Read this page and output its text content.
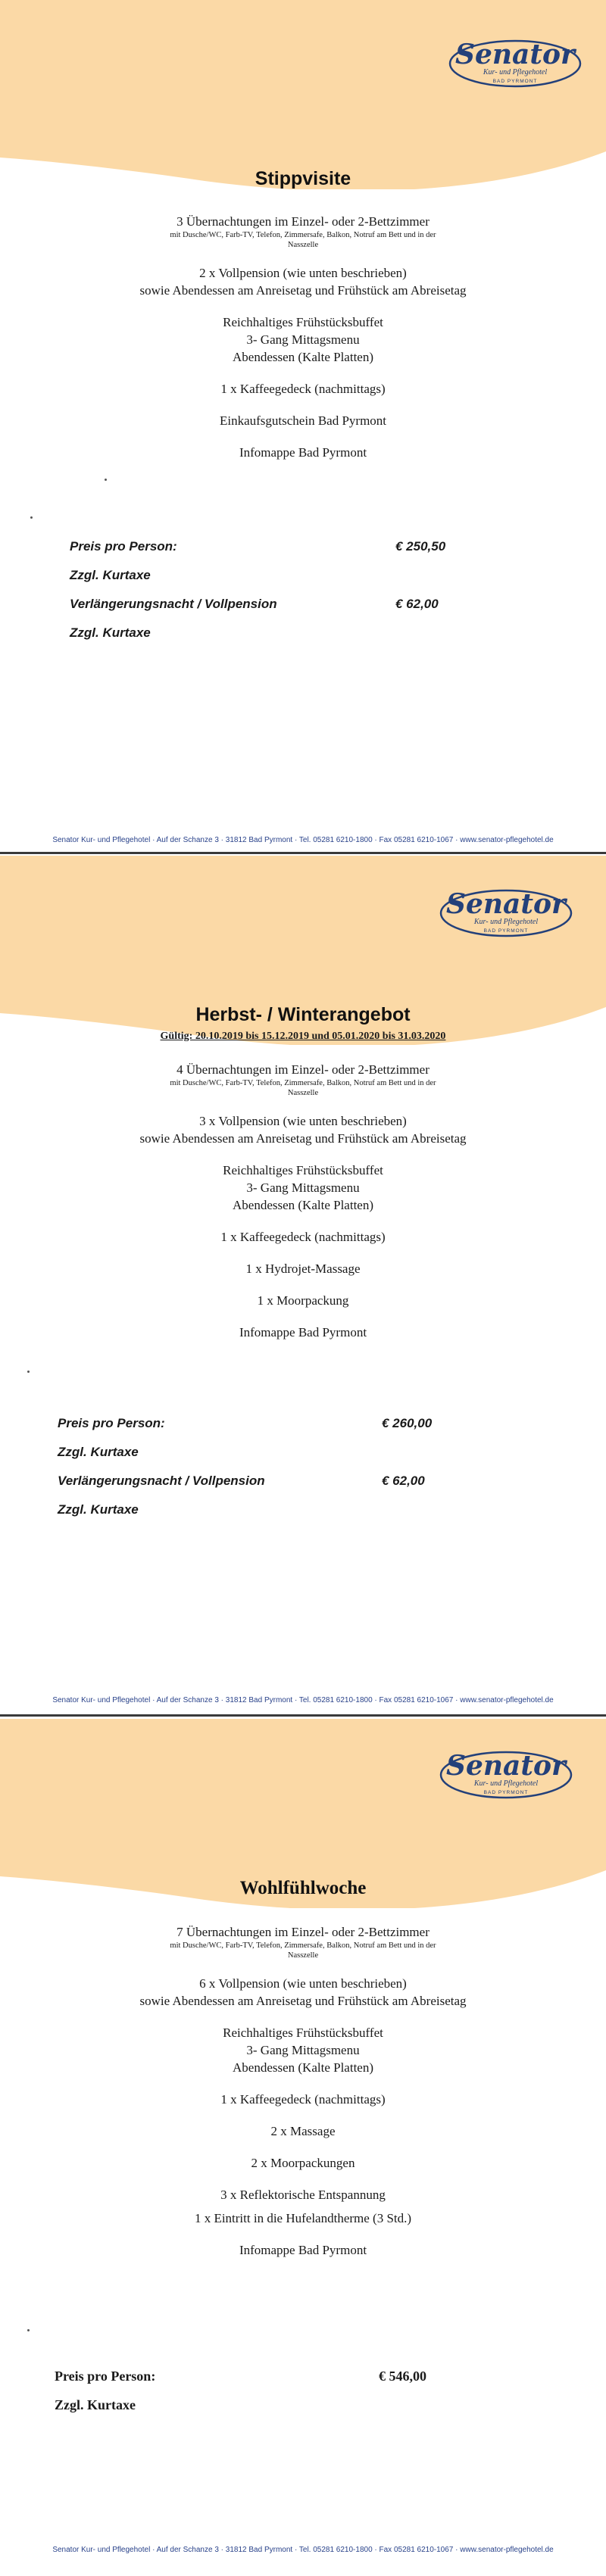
Senator
Kur- und Pflegehotel
BAD PYRMONT
Stippvisite
3 Übernachtungen im Einzel- oder 2-Bettzimmer
mit Dusche/WC, Farb-TV, Telefon, Zimmersafe, Balkon, Notruf am Bett und in der Nasszelle
2 x Vollpension (wie unten beschrieben)
sowie Abendessen am Anreisetag und Frühstück am Abreisetag
Reichhaltiges Frühstücksbuffet
3- Gang Mittagsmenu
Abendessen (Kalte Platten)
1 x Kaffeegedeck (nachmittags)
Einkaufsgutschein Bad Pyrmont
Infomappe Bad Pyrmont
Preis pro Person:	€ 250,50
Zzgl. Kurtaxe
Verlängerungsnacht / Vollpension	€ 62,00
Zzgl. Kurtaxe
Senator Kur- und Pflegehotel · Auf der Schanze 3 · 31812 Bad Pyrmont · Tel. 05281 6210-1800 · Fax 05281 6210-1067 · www.senator-pflegehotel.de
Senator
Kur- und Pflegehotel
BAD PYRMONT
Herbst- / Winterangebot
Gültig: 20.10.2019 bis 15.12.2019 und 05.01.2020 bis 31.03.2020
4 Übernachtungen im Einzel- oder 2-Bettzimmer
mit Dusche/WC, Farb-TV, Telefon, Zimmersafe, Balkon, Notruf am Bett und in der Nasszelle
3 x Vollpension (wie unten beschrieben)
sowie Abendessen am Anreisetag und Frühstück am Abreisetag
Reichhaltiges Frühstücksbuffet
3- Gang Mittagsmenu
Abendessen (Kalte Platten)
1 x Kaffeegedeck (nachmittags)
1 x Hydrojet-Massage
1 x Moorpackung
Infomappe Bad Pyrmont
Preis pro Person:	€ 260,00
Zzgl. Kurtaxe
Verlängerungsnacht / Vollpension	€ 62,00
Zzgl. Kurtaxe
Senator Kur- und Pflegehotel · Auf der Schanze 3 · 31812 Bad Pyrmont · Tel. 05281 6210-1800 · Fax 05281 6210-1067 · www.senator-pflegehotel.de
Senator
Kur- und Pflegehotel
BAD PYRMONT
Wohlfühlwoche
7 Übernachtungen im Einzel- oder 2-Bettzimmer
mit Dusche/WC, Farb-TV, Telefon, Zimmersafe, Balkon, Notruf am Bett und in der Nasszelle
6 x Vollpension (wie unten beschrieben)
sowie Abendessen am Anreisetag und Frühstück am Abreisetag
Reichhaltiges Frühstücksbuffet
3- Gang Mittagsmenu
Abendessen (Kalte Platten)
1 x Kaffeegedeck (nachmittags)
2 x Massage
2 x Moorpackungen
3 x Reflektorische Entspannung
1 x Eintritt in die Hufelandtherme (3 Std.)
Infomappe Bad Pyrmont
Preis pro Person:	€ 546,00
Zzgl. Kurtaxe
Senator Kur- und Pflegehotel · Auf der Schanze 3 · 31812 Bad Pyrmont · Tel. 05281 6210-1800 · Fax 05281 6210-1067 · www.senator-pflegehotel.de
